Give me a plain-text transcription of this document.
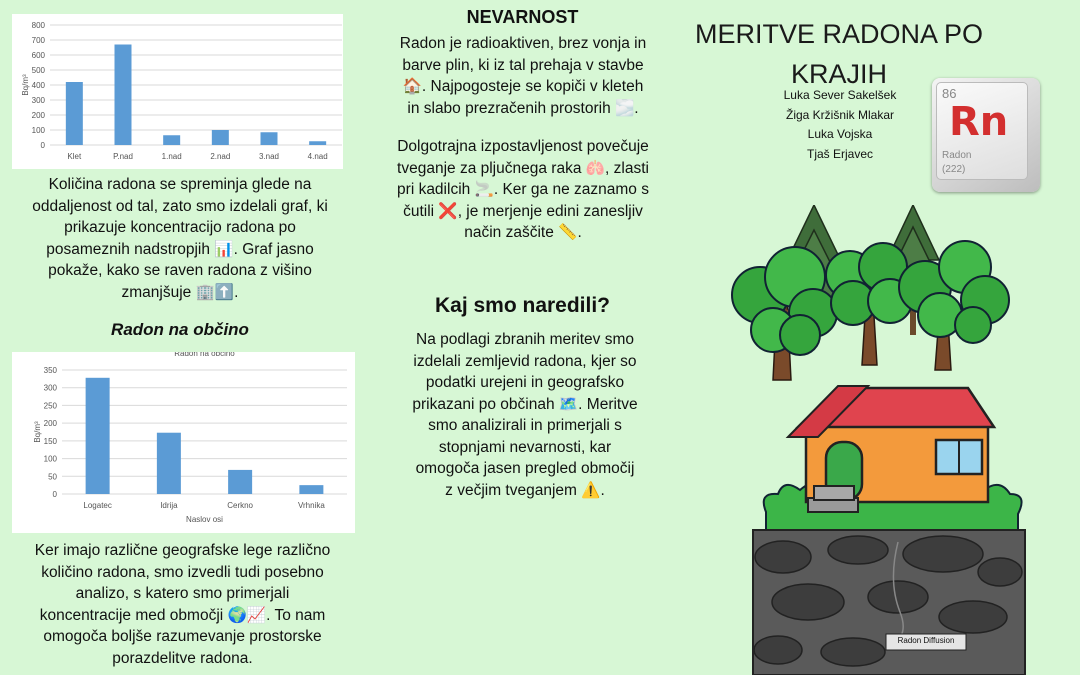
0
100
200
300
400
500
600
700
800
Klet	P.nad	1.nad	2.nad	3.nad	4.nad
Bq/m³
Količina radona se spreminja glede na oddaljenost od tal, zato smo izdelali graf, ki prikazuje koncentracijo radona po posameznih nadstropjih 📊. Graf jasno pokaže, kako se raven radona z višino zmanjšuje 🏢⬆️.
Radon na občino
0
50
100
150
200
250
300
350
Logatec	Idrija	Cerkno	Vrhnika
Bq/m³
Naslov osi
Radon na občino
Ker imajo različne geografske lege različno količino radona, smo izvedli tudi posebno analizo, s katero smo primerjali koncentracije med območji 🌍📈. To nam omogoča boljše razumevanje prostorske porazdelitve radona.
NEVARNOST
Radon je radioaktiven, brez vonja in barve plin, ki iz tal prehaja v stavbe 🏠. Najpogosteje se kopiči v kleteh in slabo prezračenih prostorih 🌫️.
Dolgotrajna izpostavljenost povečuje tveganje za pljučnega raka 🫁, zlasti pri kadilcih 🚬. Ker ga ne zaznamo s čutili ❌, je merjenje edini zanesljiv način zaščite 📏.
Kaj smo naredili?
Na podlagi zbranih meritev smo izdelali zemljevid radona, kjer so podatki urejeni in geografsko prikazani po občinah 🗺️. Meritve smo analizirali in primerjali s stopnjami nevarnosti, kar omogoča jasen pregled območij z večjim tveganjem ⚠️.
MERITVE RADONA PO KRAJIH
Luka Sever Sakelšek
Žiga Kržišnik Mlakar
Luka Vojska
Tjaš Erjavec
86
Rn
Radon
(222)
Radon Diffusion
